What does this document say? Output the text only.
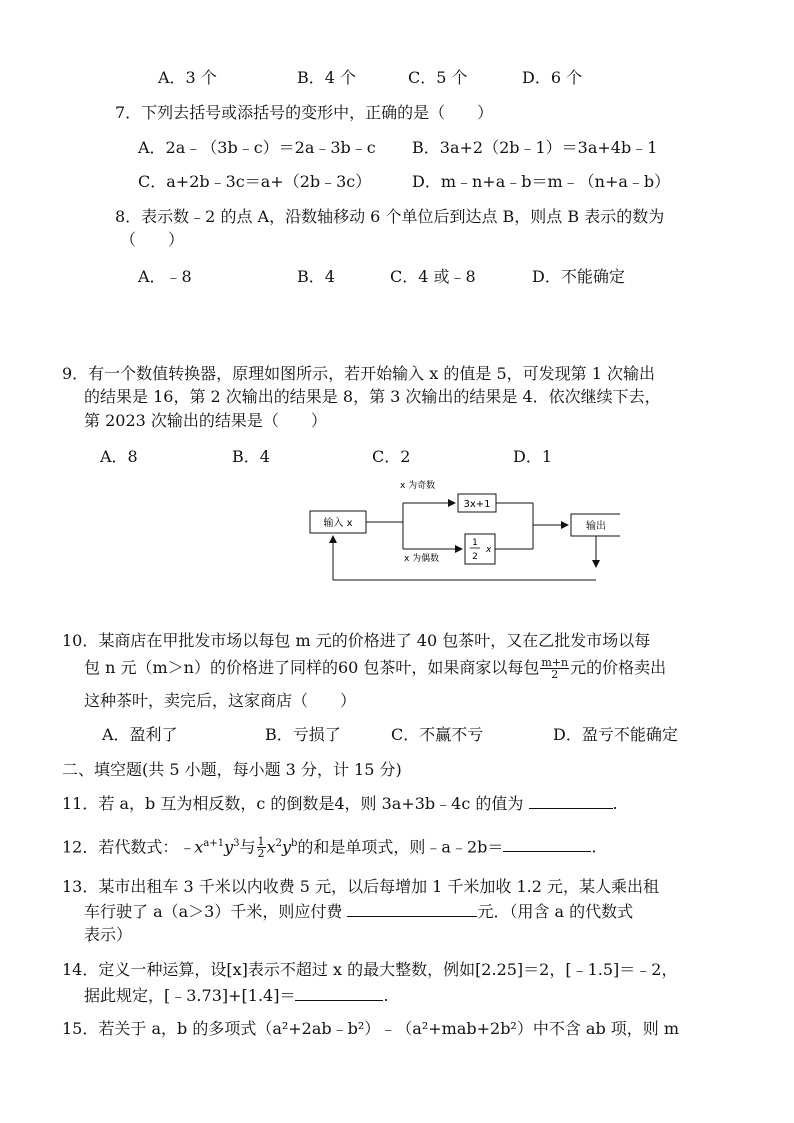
A．3 个	B．4 个	C．5 个	D．6 个
7．下列去括号或添括号的变形中，正确的是（　　）
A．2a﹣（3b﹣c）＝2a﹣3b﹣c B．3a+2（2b﹣1）＝3a+4b﹣1
C．a+2b﹣3c＝a+（2b﹣3c）	D．m﹣n+a﹣b＝m﹣（n+a﹣b）
8．表示数﹣2 的点 A，沿数轴移动 6 个单位后到达点 B，则点 B 表示的数为
（　　）
A．﹣8	B．4	C．4 或﹣8	D．不能确定
9．有一个数值转换器，原理如图所示，若开始输入 x 的值是 5，可发现第 1 次输出
的结果是 16，第 2 次输出的结果是 8，第 3 次输出的结果是 4．依次继续下去，
第 2023 次输出的结果是（　　）
A．8	B．4	C．2	D．1
输入 x
x 为奇数
x 为偶数
3x+1
1
2
x
输出
10．某商店在甲批发市场以每包 m 元的价格进了 40 包茶叶，又在乙批发市场以每
包 n 元（m＞n）的价格进了同样的60 包茶叶，如果商家以每包 $\frac{m+n}{2}$ 元的价格卖出
这种茶叶，卖完后，这家商店（　　）
A．盈利了	B．亏损了	C．不赢不亏	D．盈亏不能确定
二、填空题(共 5 小题，每小题 3 分，计 15 分)
11．若 a，b 互为相反数，c 的倒数是4，则 3a+3b﹣4c 的值为	.
12．若代数式：$﹣x^{a+1}y^3$与 $\frac{1}{2} x^2y^b$的和是单项式，则﹣a﹣2b＝	.
13．某市出租车 3 千米以内收费 5 元，以后每增加 1 千米加收 1.2 元，某人乘出租
车行驶了 a（a＞3）千米，则应付费	元．（用含 a 的代数式
表示）
14．定义一种运算，设[x]表示不超过 x 的最大整数，例如[2.25]＝2，[﹣1.5]＝﹣2，
据此规定，[﹣3.73]+[1.4]＝	.
15．若关于 a，b 的多项式（a²+2ab﹣b²）﹣（a²+mab+2b²）中不含 ab 项，则 m
